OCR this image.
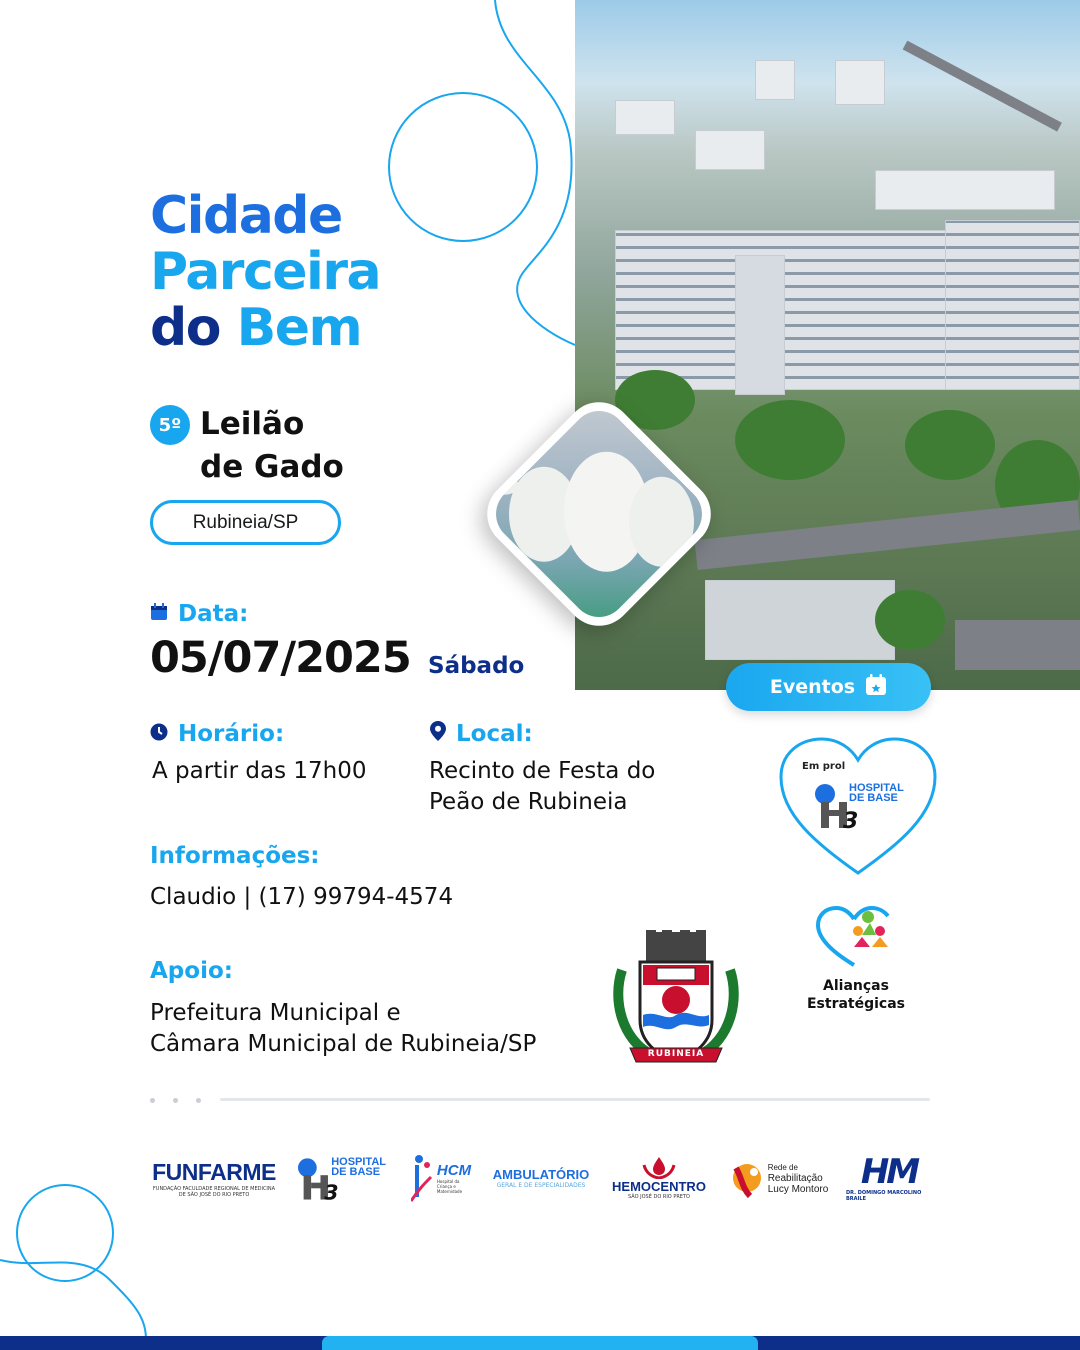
Cidade
Parceira
do Bem
5º Leilão
de Gado
Rubineia/SP
Data:
05/07/2025 Sábado
Horário:
A partir das 17h00
Local:
Recinto de Festa do
Peão de Rubineia
Informações:
Claudio | (17) 99794-4574
Apoio:
Prefeitura Municipal e
Câmara Municipal de Rubineia/SP	RUBINEIA
Eventos
Em prol
3
HOSPITAL
DE BASE
Alianças
Estratégicas
FUNFARME
FUNDAÇÃO FACULDADE REGIONAL DE MEDICINA DE SÃO JOSÉ DO RIO PRETO	3
HOSPITAL
DE BASE	HCM
Hospital da Criança e Maternidade
AMBULATÓRIO
GERAL E DE ESPECIALIDADES HEMOCENTRO
SÃO JOSÉ DO RIO PRETO
Rede de
Reabilitação
Lucy Montoro HM
DR. DOMINGO MARCOLINO BRAILE
